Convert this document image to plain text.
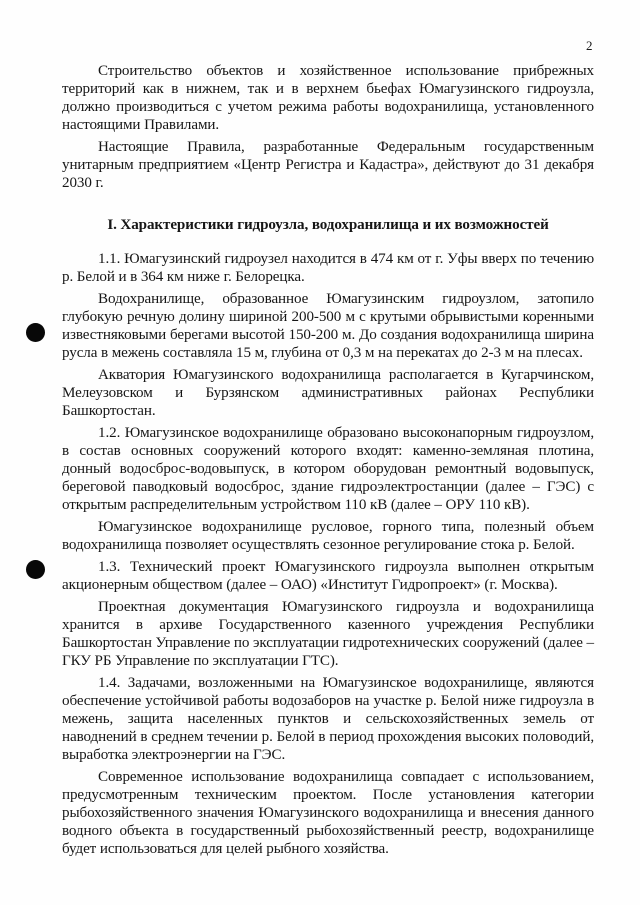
2

Строительство объектов и хозяйственное использование прибрежных территорий как в нижнем, так и в верхнем бьефах Юмагузинского гидроузла, должно производиться с учетом режима работы водохранилища, установленного настоящими Правилами.

Настоящие Правила, разработанные Федеральным государственным унитарным предприятием «Центр Регистра и Кадастра», действуют до 31 декабря 2030 г.

I. Характеристики гидроузла, водохранилища и их возможностей

1.1. Юмагузинский гидроузел находится в 474 км от г. Уфы вверх по течению р. Белой и в 364 км ниже г. Белорецка.

Водохранилище, образованное Юмагузинским гидроузлом, затопило глубокую речную долину шириной 200-500 м с крутыми обрывистыми коренными известняковыми берегами высотой 150-200 м. До создания водохранилища ширина русла в межень составляла 15 м, глубина от 0,3 м на перекатах до 2-3 м на плесах.

Акватория Юмагузинского водохранилища располагается в Кугарчинском, Мелеузовском и Бурзянском административных районах Республики Башкортостан.

1.2. Юмагузинское водохранилище образовано высоконапорным гидроузлом, в состав основных сооружений которого входят: каменно-земляная плотина, донный водосброс-водовыпуск, в котором оборудован ремонтный водовыпуск, береговой паводковый водосброс, здание гидроэлектростанции (далее – ГЭС) с открытым распределительным устройством 110 кВ (далее – ОРУ 110 кВ).

Юмагузинское водохранилище русловое, горного типа, полезный объем водохранилища позволяет осуществлять сезонное регулирование стока р. Белой.

1.3. Технический проект Юмагузинского гидроузла выполнен открытым акционерным обществом (далее – ОАО) «Институт Гидропроект» (г. Москва).

Проектная документация Юмагузинского гидроузла и водохранилища хранится в архиве Государственного казенного учреждения Республики Башкортостан Управление по эксплуатации гидротехнических сооружений (далее – ГКУ РБ Управление по эксплуатации ГТС).

1.4. Задачами, возложенными на Юмагузинское водохранилище, являются обеспечение устойчивой работы водозаборов на участке р. Белой ниже гидроузла в межень, защита населенных пунктов и сельскохозяйственных земель от наводнений в среднем течении р. Белой в период прохождения высоких половодий, выработка электроэнергии на ГЭС.

Современное использование водохранилища совпадает с использованием, предусмотренным техническим проектом. После установления категории рыбохозяйственного значения Юмагузинского водохранилища и внесения данного водного объекта в государственный рыбохозяйственный реестр, водохранилище будет использоваться для целей рыбного хозяйства.
